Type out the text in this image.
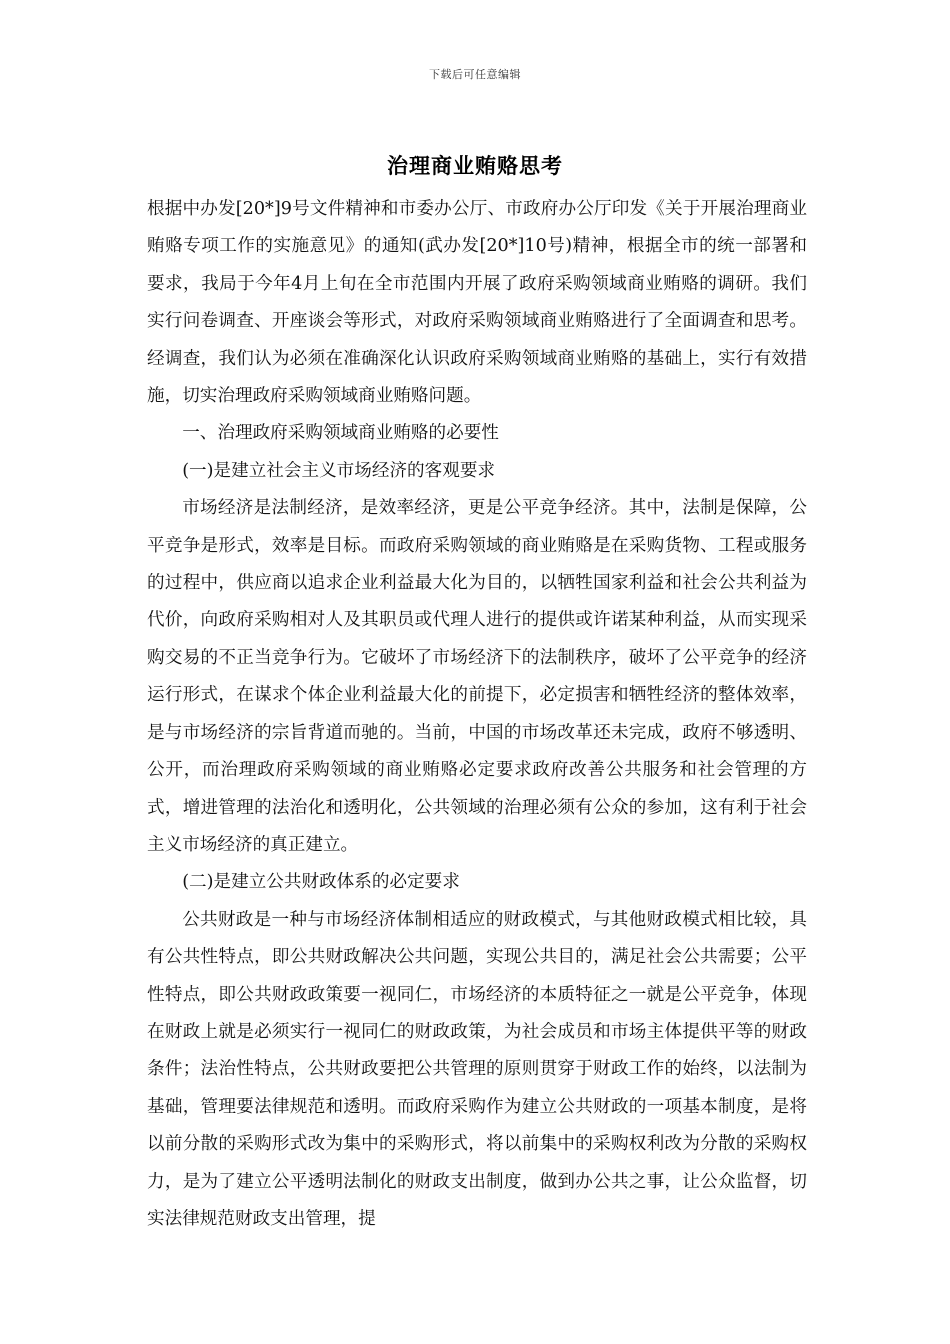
下载后可任意编辑
治理商业贿赂思考

根据中办发[20*]9号文件精神和市委办公厅、市政府办公厅印发《关于开展治理商业贿赂专项工作的实施意见》的通知(武办发[20*]10号)精神，根据全市的统一部署和要求，我局于今年4月上旬在全市范围内开展了政府采购领域商业贿赂的调研。我们实行问卷调查、开座谈会等形式，对政府采购领域商业贿赂进行了全面调查和思考。经调查，我们认为必须在准确深化认识政府采购领域商业贿赂的基础上，实行有效措施，切实治理政府采购领域商业贿赂问题。

一、治理政府采购领域商业贿赂的必要性

(一)是建立社会主义市场经济的客观要求

市场经济是法制经济，是效率经济，更是公平竞争经济。其中，法制是保障，公平竞争是形式，效率是目标。而政府采购领域的商业贿赂是在采购货物、工程或服务的过程中，供应商以追求企业利益最大化为目的，以牺牲国家利益和社会公共利益为代价，向政府采购相对人及其职员或代理人进行的提供或许诺某种利益，从而实现采购交易的不正当竞争行为。它破坏了市场经济下的法制秩序，破坏了公平竞争的经济运行形式，在谋求个体企业利益最大化的前提下，必定损害和牺牲经济的整体效率，是与市场经济的宗旨背道而驰的。当前，中国的市场改革还未完成，政府不够透明、公开，而治理政府采购领域的商业贿赂必定要求政府改善公共服务和社会管理的方式，增进管理的法治化和透明化，公共领域的治理必须有公众的参加，这有利于社会主义市场经济的真正建立。

(二)是建立公共财政体系的必定要求

公共财政是一种与市场经济体制相适应的财政模式，与其他财政模式相比较，具有公共性特点，即公共财政解决公共问题，实现公共目的，满足社会公共需要；公平性特点，即公共财政政策要一视同仁，市场经济的本质特征之一就是公平竞争，体现在财政上就是必须实行一视同仁的财政政策，为社会成员和市场主体提供平等的财政条件；法治性特点，公共财政要把公共管理的原则贯穿于财政工作的始终，以法制为基础，管理要法律规范和透明。而政府采购作为建立公共财政的一项基本制度，是将以前分散的采购形式改为集中的采购形式，将以前集中的采购权利改为分散的采购权力，是为了建立公平透明法制化的财政支出制度，做到办公共之事，让公众监督，切实法律规范财政支出管理，提
